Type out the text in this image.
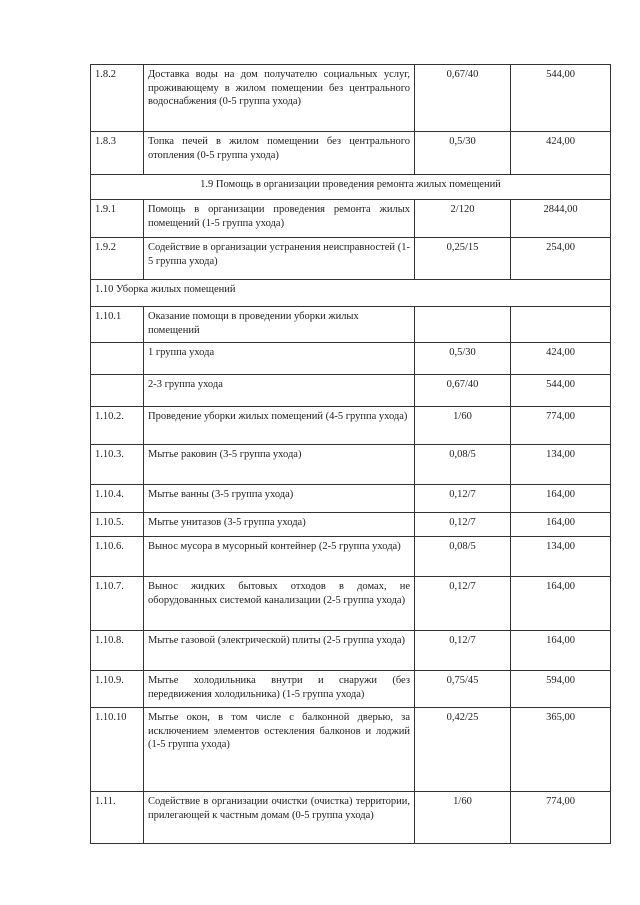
1.8.2	Доставка воды на дом получателю социальных услуг, проживающему в жилом помещении без центрального водоснабжения (0-5 группа ухода)	0,67/40	544,00
1.8.3	Топка печей в жилом помещении без центрального отопления (0-5 группа ухода)	0,5/30	424,00
1.9 Помощь в организации проведения ремонта жилых помещений			
1.9.1	Помощь в организации проведения ремонта жилых помещений (1-5 группа ухода)	2/120	2844,00
1.9.2	Содействие в организации устранения неисправностей (1-5 группа ухода)	0,25/15	254,00
1.10 Уборка жилых помещений			
1.10.1	Оказание помощи в проведении уборки жилых помещений		
	1 группа ухода	0,5/30	424,00
	2-3 группа ухода	0,67/40	544,00
1.10.2.	Проведение уборки жилых помещений (4-5 группа ухода)	1/60	774,00
1.10.3.	Мытье раковин (3-5 группа ухода)	0,08/5	134,00
1.10.4.	Мытье ванны (3-5 группа ухода)	0,12/7	164,00
1.10.5.	Мытье унитазов (3-5 группа ухода)	0,12/7	164,00
1.10.6.	Вынос мусора в мусорный контейнер (2-5 группа ухода)	0,08/5	134,00
1.10.7.	Вынос жидких бытовых отходов в домах, не оборудованных системой канализации (2-5 группа ухода)	0,12/7	164,00
1.10.8.	Мытье газовой (электрической) плиты (2-5 группа ухода)	0,12/7	164,00
1.10.9.	Мытье холодильника внутри и снаружи (без передвижения холодильника) (1-5 группа ухода)	0,75/45	594,00
1.10.10	Мытье окон, в том числе с балконной дверью, за исключением элементов остекления балконов и лоджий (1-5 группа ухода)	0,42/25	365,00
1.11.	Содействие в организации очистки (очистка) территории, прилегающей к частным домам (0-5 группа ухода)	1/60	774,00
